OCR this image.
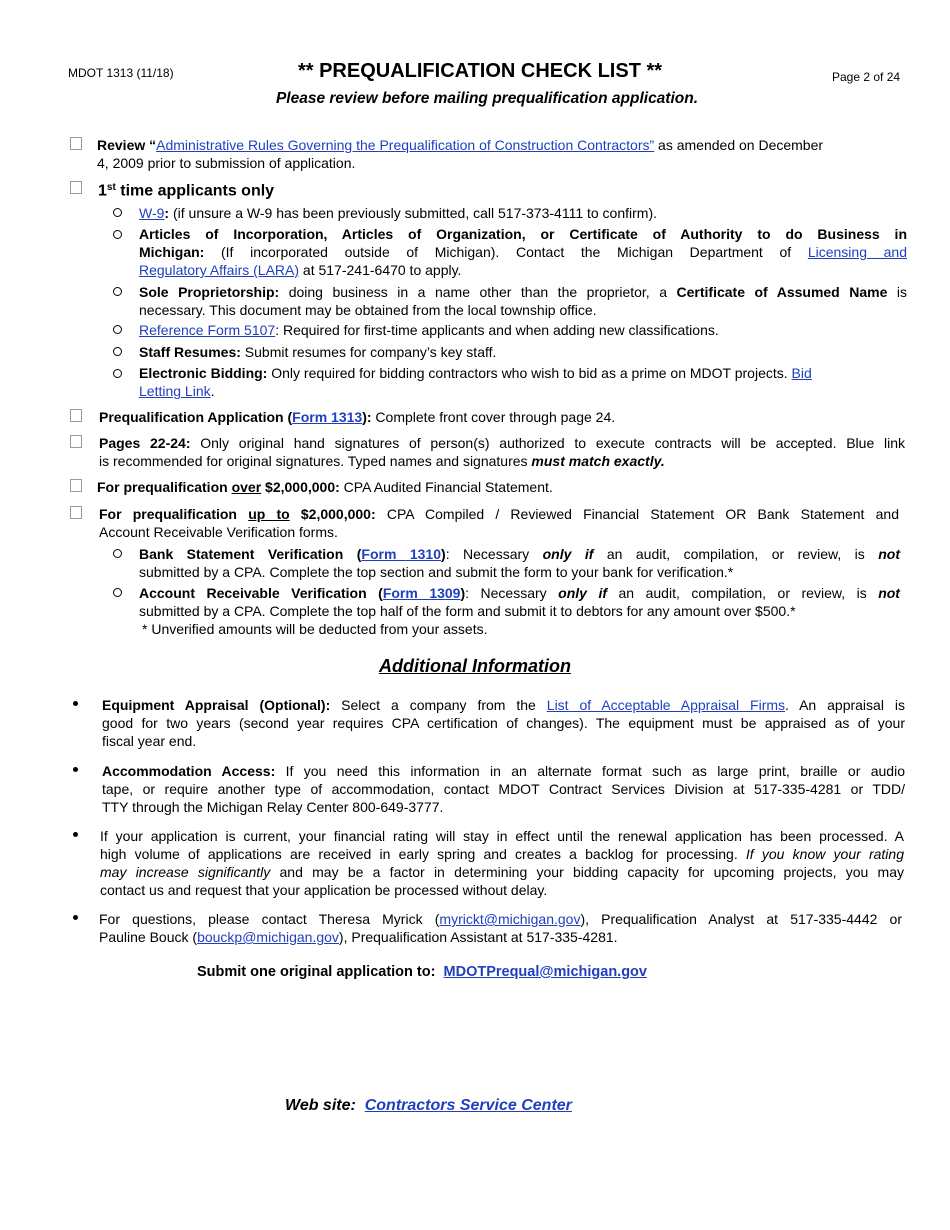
MDOT 1313 (11/18)	** PREQUALIFICATION CHECK LIST **	Page 2 of 24
Please review before mailing prequalification application.
Review “Administrative Rules Governing the Prequalification of Construction Contractors” as amended on December
4, 2009 prior to submission of application.
1st time applicants only
W-9: (if unsure a W-9 has been previously submitted, call 517-373-4111 to confirm).
Articles of Incorporation, Articles of Organization, or Certificate of Authority to do Business in
Michigan: (If incorporated outside of Michigan). Contact the Michigan Department of Licensing and
Regulatory Affairs (LARA) at 517-241-6470 to apply.
Sole Proprietorship: doing business in a name other than the proprietor, a Certificate of Assumed Name is
necessary. This document may be obtained from the local township office.
Reference Form 5107: Required for first-time applicants and when adding new classifications.
Staff Resumes: Submit resumes for company’s key staff.
Electronic Bidding: Only required for bidding contractors who wish to bid as a prime on MDOT projects. Bid
Letting Link.
Prequalification Application (Form 1313): Complete front cover through page 24.
Pages 22-24: Only original hand signatures of person(s) authorized to execute contracts will be accepted. Blue link
is recommended for original signatures. Typed names and signatures must match exactly.
For prequalification over $2,000,000: CPA Audited Financial Statement.
For prequalification up to $2,000,000: CPA Compiled / Reviewed Financial Statement OR Bank Statement and
Account Receivable Verification forms.
Bank Statement Verification (Form 1310): Necessary only if an audit, compilation, or review, is not
submitted by a CPA. Complete the top section and submit the form to your bank for verification.*
Account Receivable Verification (Form 1309): Necessary only if an audit, compilation, or review, is not
submitted by a CPA. Complete the top half of the form and submit it to debtors for any amount over $500.*
* Unverified amounts will be deducted from your assets.
Additional Information
Equipment Appraisal (Optional): Select a company from the List of Acceptable Appraisal Firms. An appraisal is
good for two years (second year requires CPA certification of changes). The equipment must be appraised as of your
fiscal year end.
Accommodation Access: If you need this information in an alternate format such as large print, braille or audio
tape, or require another type of accommodation, contact MDOT Contract Services Division at 517-335-4281 or TDD/
TTY through the Michigan Relay Center 800-649-3777.
If your application is current, your financial rating will stay in effect until the renewal application has been processed. A
high volume of applications are received in early spring and creates a backlog for processing. If you know your rating
may increase significantly and may be a factor in determining your bidding capacity for upcoming projects, you may
contact us and request that your application be processed without delay.
For questions, please contact Theresa Myrick (myrickt@michigan.gov), Prequalification Analyst at 517-335-4442 or
Pauline Bouck (bouckp@michigan.gov), Prequalification Assistant at 517-335-4281.
Submit one original application to: MDOTPrequal@michigan.gov
Web site: Contractors Service Center
